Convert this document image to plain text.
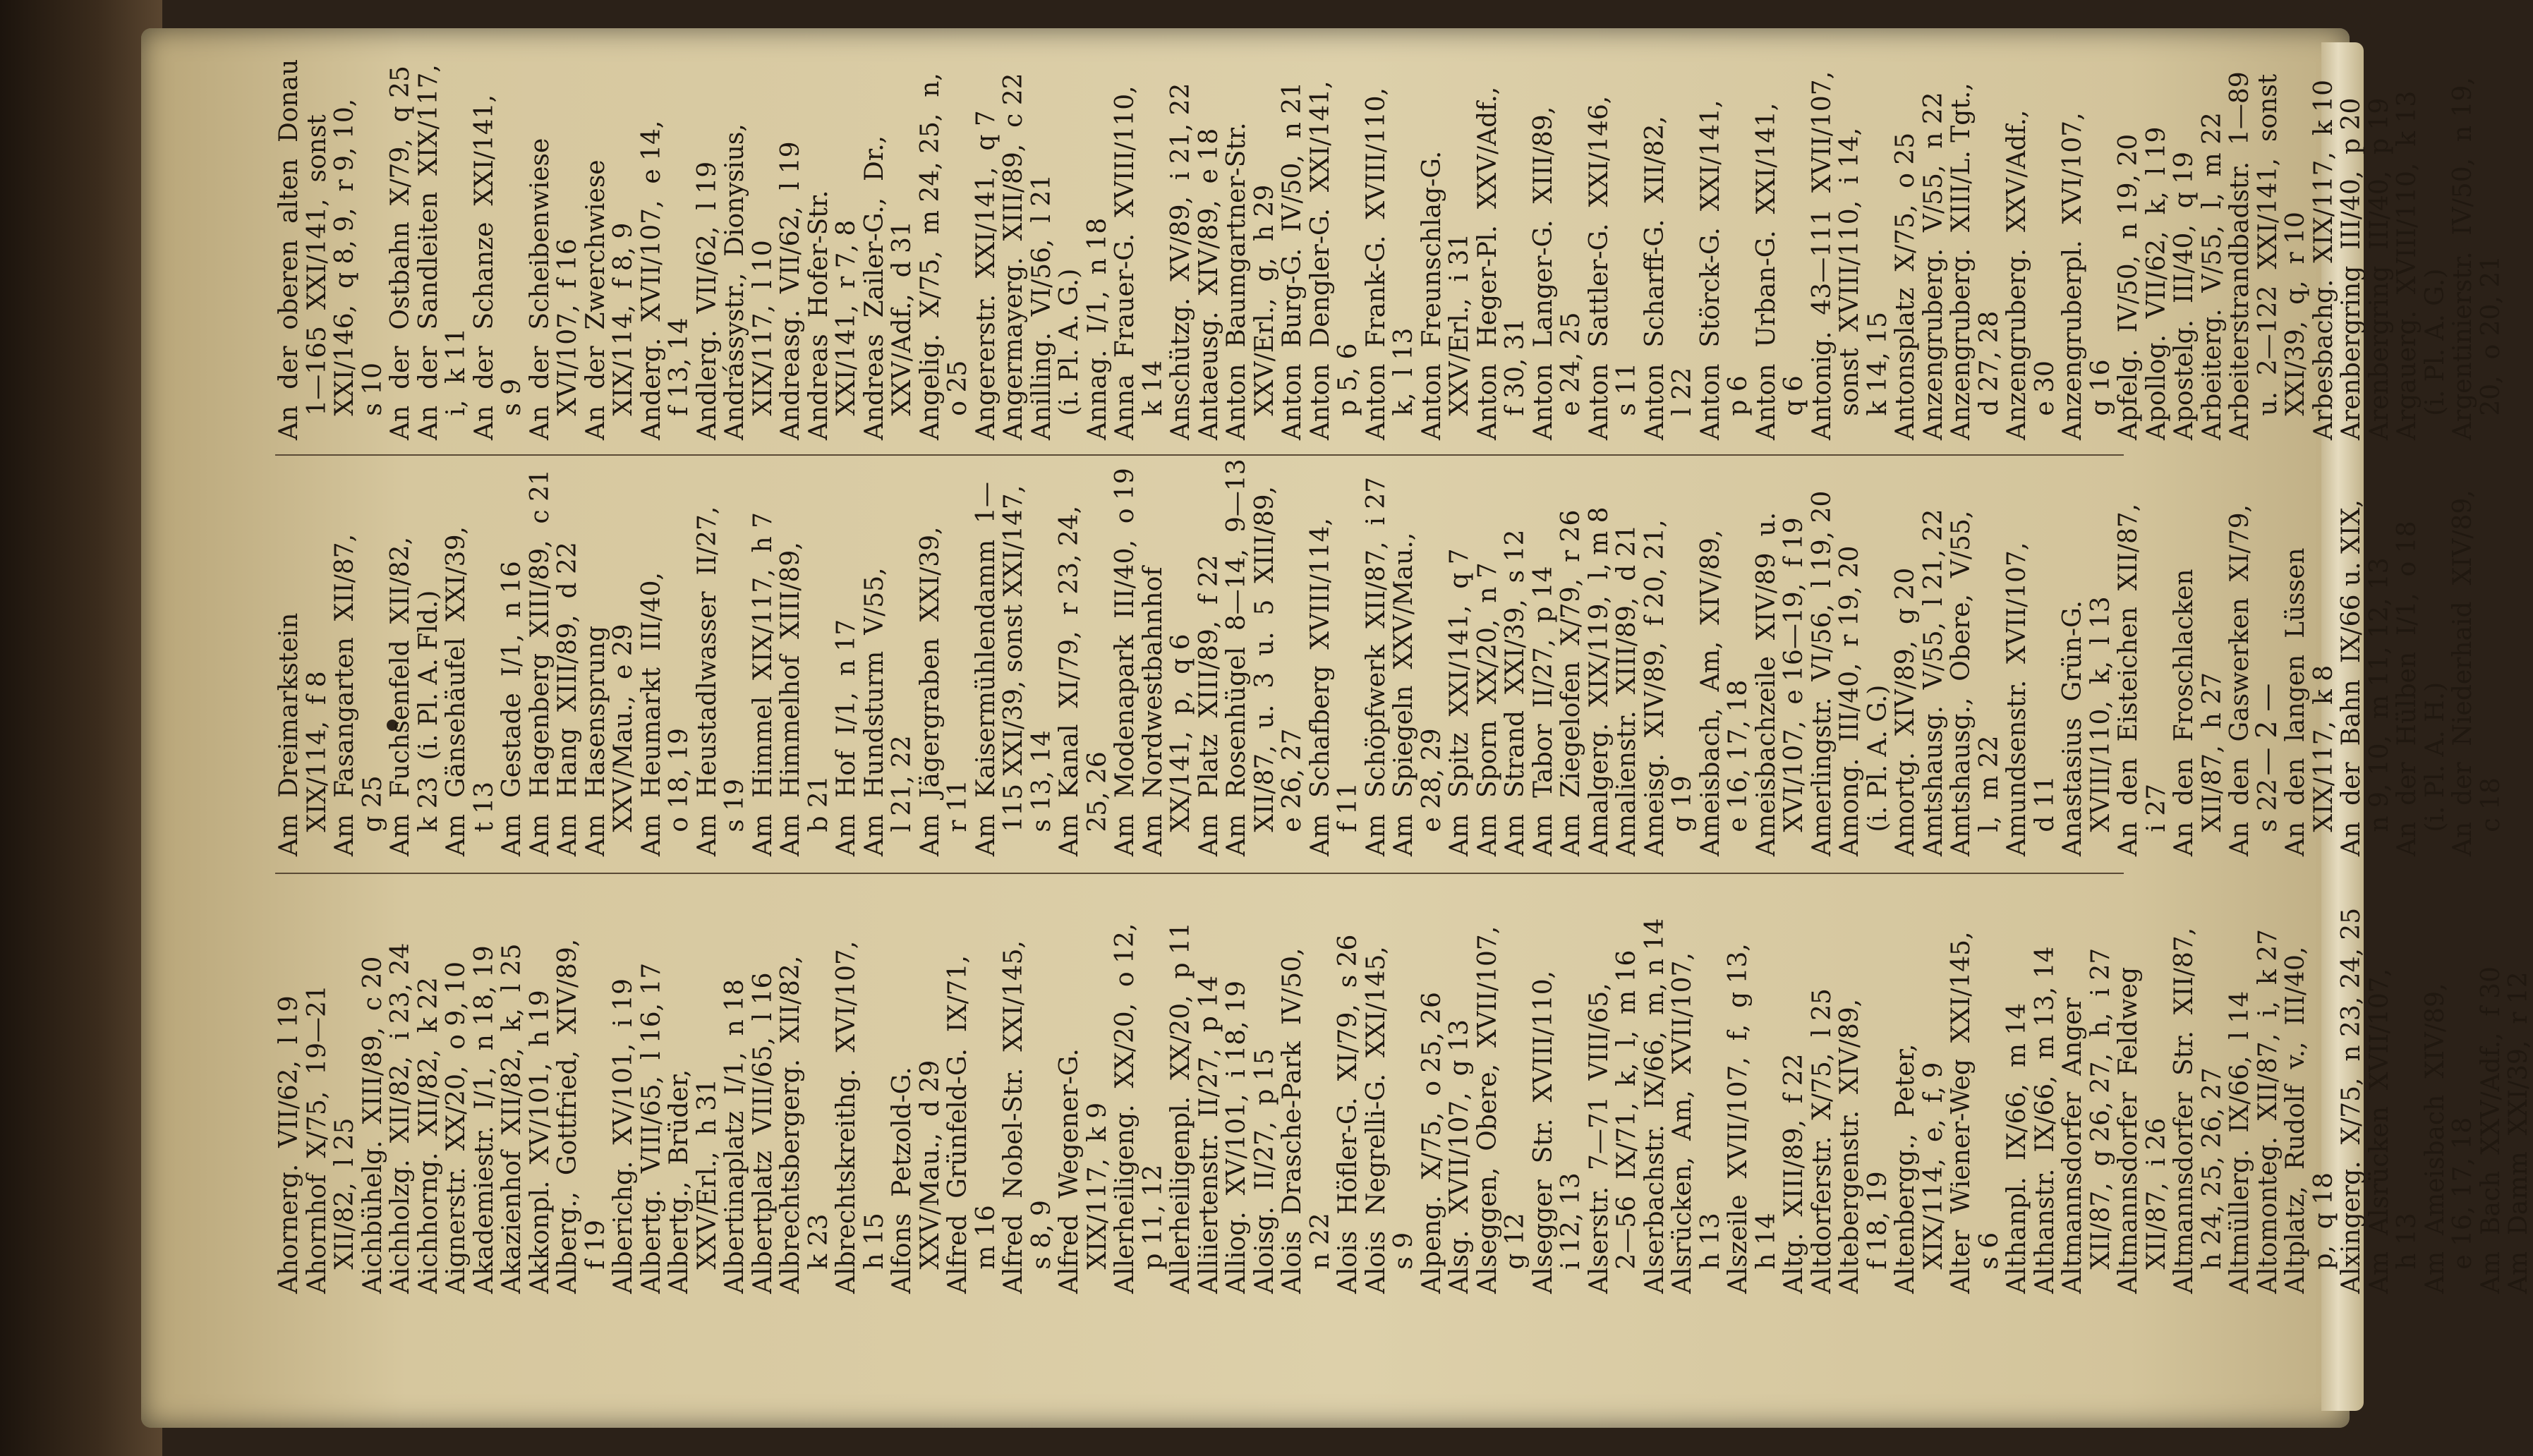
Ahornerg.  VII/62,  l 19
Ahornhof  X/75,  19—21
XII/82,  l 25
Aichbühelg.  XIII/89,  c 20
Aichholzg.  XII/82,  i 23, 24
Aichhorng.  XII/82,  k 22
Aignerstr.  XX/20,  o 9, 10
Akademiestr.  I/1,  n 18, 19
Akazienhof  XII/82,  k,  l 25
Akkonpl.  XV/101,  h 19
Alberg.,  Gottfried,  XIV/89,
f 19
Alberichg.  XV/101,  i 19
Albertg.  VIII/65,  l 16, 17
Albertg.,  Brüder,
XXV/Erl.,  h 31
Albertinaplatz  I/1,  n 18
Albertplatz  VIII/65,  l 16
Albrechtsbergerg.  XII/82,
k 23
Albrechtskreithg.  XVI/107,
h 15
Alfons  Petzold-G.
XXV/Mau.,  d 29
Alfred  Grünfeld-G.  IX/71,
m 16
Alfred  Nobel-Str.  XXI/145,
s 8, 9
Alfred  Wegener-G.
XIX/117,  k 9
Allerheiligeng.  XX/20,  o 12,
p 11, 12
Allerheiligenpl.  XX/20,  p 11
Alliiertenstr.  II/27,  p 14
Alliog.  XV/101,  i 18, 19
Aloisg.  II/27,  p 15
Alois  Drasche-Park  IV/50,
n 22
Alois  Höfler-G.  XI/79,  s 26
Alois  Negrelli-G.  XXI/145,
s 9
Alpeng.  X/75,  o 25, 26
Alsg.  XVII/107,  g 13
Alseggen,  Obere,  XVII/107,
g 12
Alsegger  Str.  XVIII/110,
i 12, 13
Alserstr.  7—71  VIII/65,
2—56  IX/71,  k,  l,  m 16
Alserbachstr.  IX/66,  m, n 14
Alsrücken,  Am,  XVII/107,
h 13
Alszeile  XVII/107,  f,  g 13,
h 14
Altg.  XIII/89,  f 22
Altdorferstr.  X/75,  l 25
Altebergenstr.  XIV/89,
f 18, 19
Altenbergg.,  Peter,
XIX/114,  e,  f, 9
Alter  Wiener-Weg  XXI/145,
s 6
Althanpl.  IX/66,  m 14
Althanstr.  IX/66,  m 13, 14
Altmannsdorfer  Anger
XII/87,  g 26, 27,  h,  i 27
Altmannsdorfer  Feldweg
XII/87,  i 26
Altmannsdorfer  Str.  XII/87,
h 24, 25, 26, 27
Altmüllerg.  IX/66,  l 14
Altomonteg.  XII/87,  i,  k 27
Altplatz,  Rudolf  v.,  III/40,
p,  q 18
Alxingerg.  X/75,  n 23, 24, 25
Am  Alsrücken  XVII/107,
h 13
Am  Ameisbach  XIV/89,
e 16, 17, 18
Am  Bach  XXV/Adf.,  f 30
Am  Damm  XXI/39,  r 12
Am  Dreimarkstein
XIX/114,  f 8
Am  Fasangarten  XII/87,
g 25
Am  Fuchsenfeld  XII/82,
k 23  (i. Pl. A. Fld.)
Am  Gänsehäufel  XXI/39,
t 13
Am  Gestade  I/1,  n 16
Am  Hagenberg  XIII/89,  c 21
Am  Hang  XIII/89,  d 22
Am  Hasensprung
XXV/Mau.,  e 29
Am  Heumarkt  III/40,
o 18, 19
Am  Heustadlwasser  II/27,
s 19
Am  Himmel  XIX/117,  h 7
Am  Himmelhof  XIII/89,
b 21
Am  Hof  I/1,  n 17
Am  Hundsturm  V/55,
l 21, 22
Am  Jägergraben  XXI/39,
r 11
Am  Kaisermühlendamm  1—
115 XXI/39, sonst XXI/147,
s 13, 14
Am  Kanal  XI/79,  r 23, 24,
25, 26
Am  Modenapark  III/40,  o 19
Am  Nordwestbahnhof
XX/141,  p,  q 6
Am  Platz  XIII/89,  f 22
Am  Rosenhügel  8—14,  9—13
XII/87,  u.  3  u.  5  XIII/89,
e 26, 27
Am  Schafberg  XVIII/114,
f 11
Am  Schöpfwerk  XII/87,  i 27
Am  Spiegeln  XXV/Mau.,
e 28, 29
Am  Spitz  XXI/141,  q 7
Am  Sporn  XX/20,  n 7
Am  Strand  XXI/39,  s 12
Am  Tabor  II/27,  p 14
Am  Ziegelofen  X/79,  r 26
Amalgerg.  XIX/119,  l, m 8
Amalienstr.  XIII/89,  d 21
Ameisg.  XIV/89,  f 20, 21,
g 19
Ameisbach,  Am,  XIV/89,
e 16, 17, 18
Ameisbachzeile  XIV/89  u.
XVI/107,  e 16—19,  f 19
Amerlingstr.  VI/56,  l 19, 20
Among.  III/40,  r 19, 20
(i. Pl. A. G.)
Amortg.  XIV/89,  g 20
Amtshausg.  V/55,  l 21, 22
Amtshausg.,  Obere,  V/55,
l,  m 22
Amundsenstr.  XVII/107,
d 11
Anastasius  Grün-G.
XVIII/110,  k,  l 13
An  den  Eisteichen  XII/87,
i 27
An  den  Froschlacken
XII/87,  h 27
An  den  Gaswerken  XI/79,
s 22
An  den  langen  Lüssen
XIX/117,  k 8
An  der  Bahn  IX/66 u. XIX,
n 9, 10,  m 11, 12, 13
An  der  Hülben  I/1,  o 18
(i. Pl. A. H.)
An  der  Niederhaid  XIV/89,
c 18
An  der  oberen  alten  Donau
1—165  XXI/141,  sonst
XXI/146,  q 8, 9,  r 9, 10,
s 10
An  der  Ostbahn  X/79,  q 25
An  der  Sandleiten  XIX/117,
i,  k 11
An  der  Schanze  XXI/141,
s 9
An  der  Scheibenwiese
XVI/107,  f 16
An  der  Zwerchwiese
XIX/114,  f 8, 9
Anderg.  XVII/107,  e 14,
f 13, 14
Andlerg.  VII/62,  l 19
Andrássystr.,  Dionysius,
XIX/117,  l 10
Andreasg.  VII/62,  l 19
Andreas  Hofer-Str.
XXI/141,  r 7, 8
Andreas  Zailer-G.,  Dr.,
XXV/Adf.,  d 31
Angelig.  X/75,  m 24, 25,  n,
o 25
Angererstr.  XXI/141,  q 7
Angermayerg.  XIII/89,  c 22
Anilling.  VI/56,  l 21
(i. Pl. A. G.)
Annag.  I/1,  n 18
Anna  Frauer-G.  XVIII/110,
k 14
Anschützg.  XV/89,  i 21, 22
Antaeusg.  XIV/89,  e 18
Anton  Baumgartner-Str.
XXV/Erl.,  g,  h 29
Anton  Burg-G.  IV/50,  n 21
Anton  Dengler-G.  XXI/141,
p 5, 6
Anton  Frank-G.  XVIII/110,
k,  l 13
Anton  Freunschlag-G.
XXV/Erl.,  i 31
Anton  Heger-Pl.  XXV/Adf.,
f 30, 31
Anton  Langer-G.  XIII/89,
e 24, 25
Anton  Sattler-G.  XXI/146,
s 11
Anton  Scharff-G.  XII/82,
l 22
Anton  Störck-G.  XXI/141,
p 6
Anton  Urban-G.  XXI/141,
q 6
Antonig.  43—111  XVII/107,
sonst  XVIII/110,  i 14,
k 14, 15
Antonsplatz  X/75,  o 25
Anzengruberg.  V/55,  n 22
Anzengruberg.  XIII/L. Tgt.,
d 27, 28
Anzengruberg.  XXV/Adf.,
e 30
Anzengruberpl.  XVI/107,
g 16
Apfelg.  IV/50,  n 19, 20
Apollog.  VII/62,  k,  l 19
Apostelg.  III/40,  q 19
Arbeiterg.  V/55,  l,  m 22
Arbeiterstrandbadstr.  1—89
u.  2—122  XXI/141,  sonst
XXI/39,  q,  r 10
Arbesbachg.  XIX/117,  k 10
Arenbergring  III/40,  p 20
Arenbergring  III/40,  p 19
Argauerg.  XVIII/110,  k 13
(i. Pl. A. G.)
Argentinierstr.  IV/50,  n 19,
20,  o 20, 21
— 2 —
